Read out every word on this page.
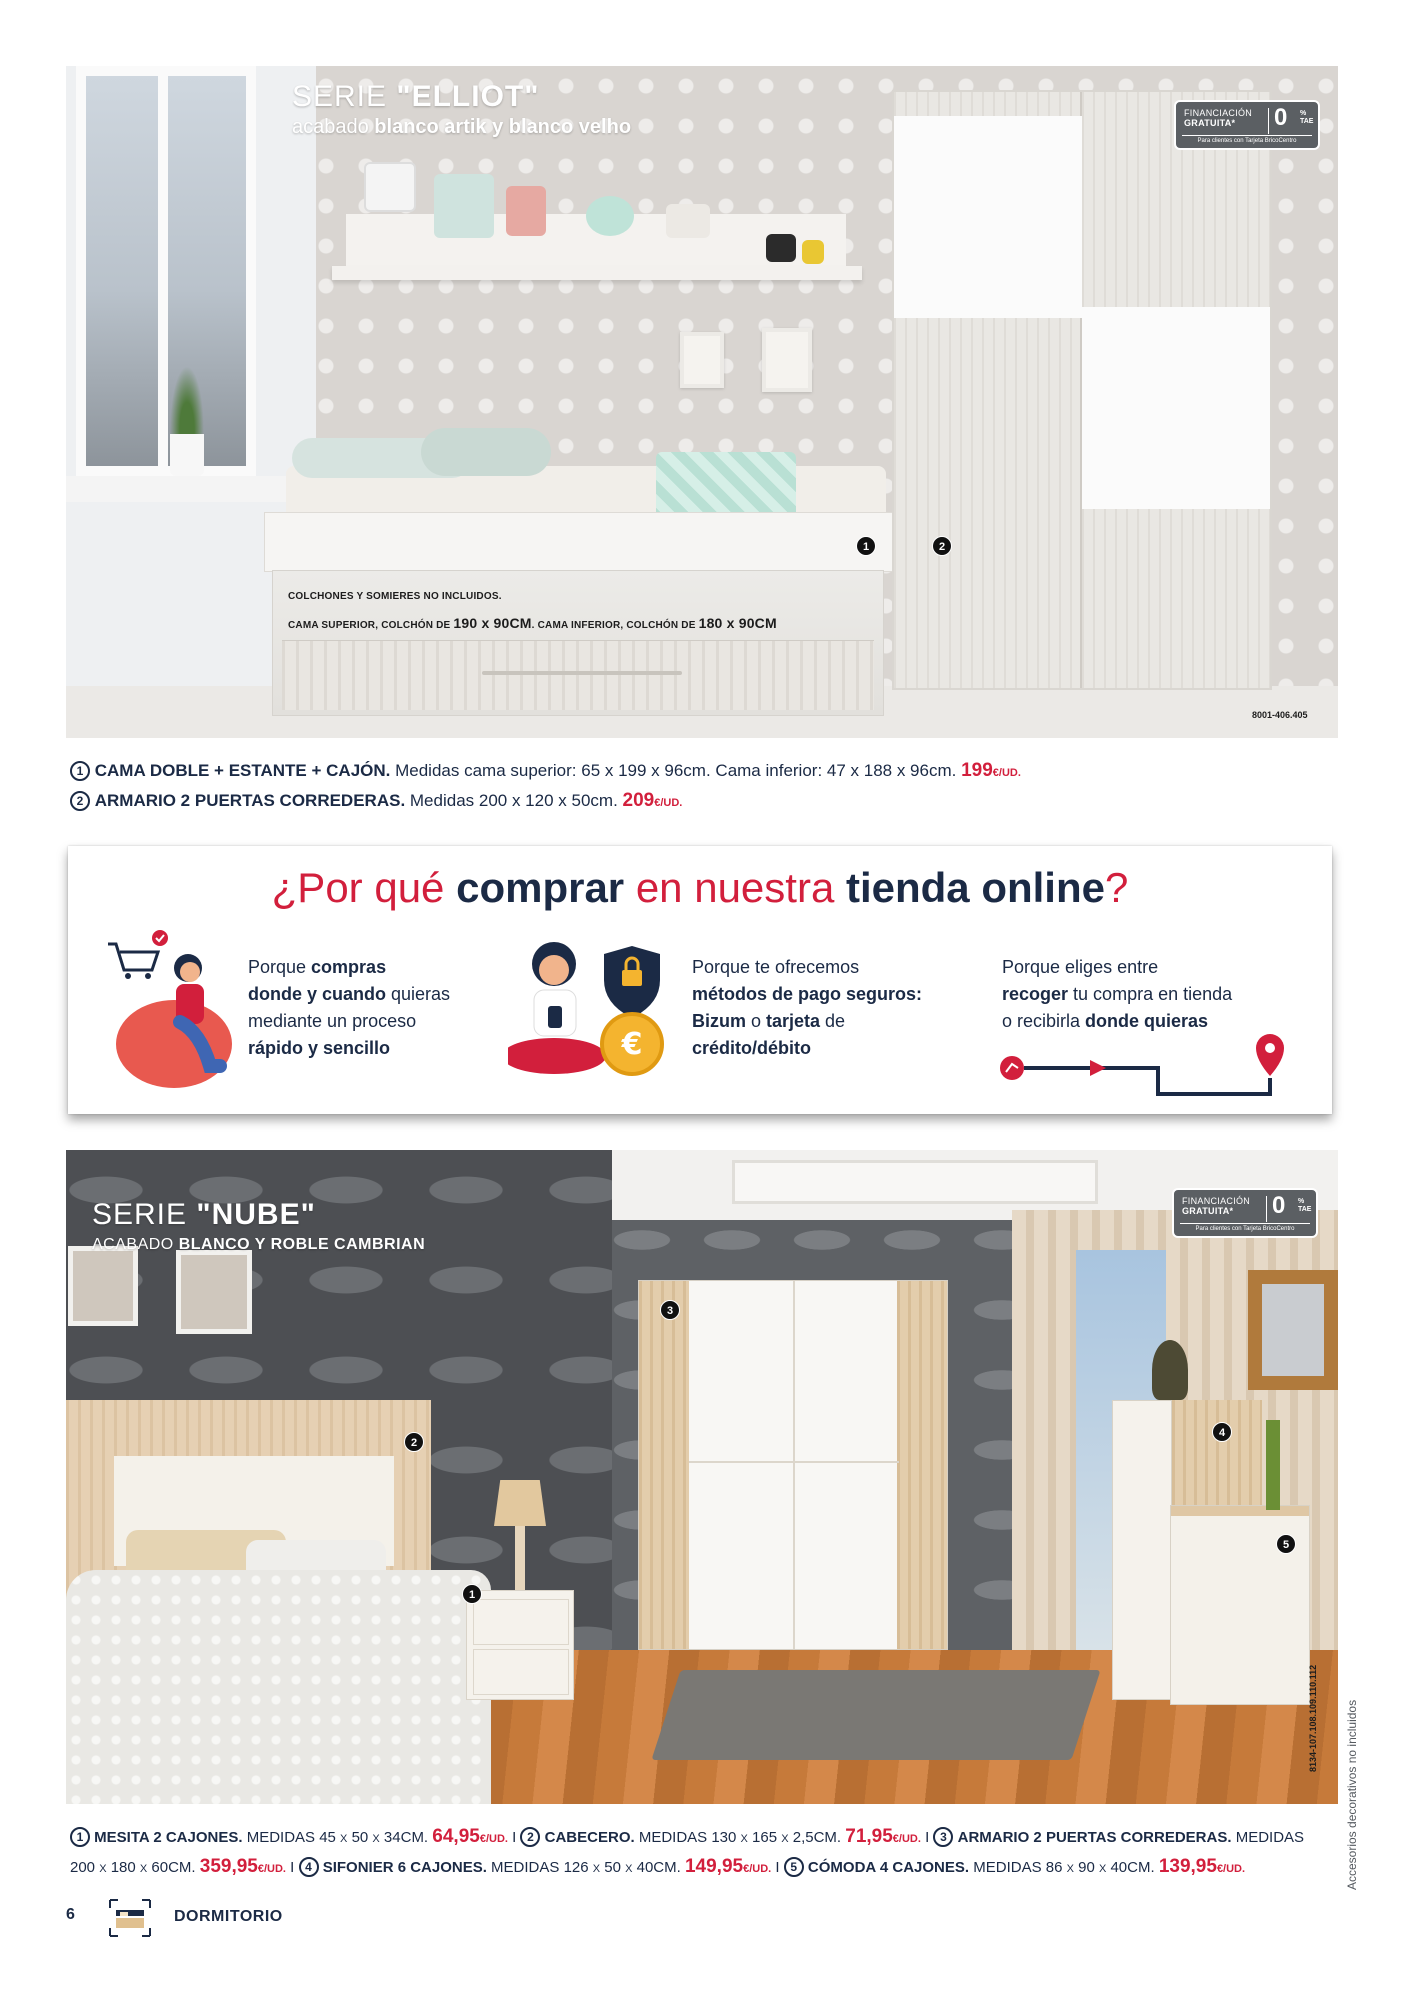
SERIE "ELLIOT"
acabado blanco artik y blanco velho
FINANCIACIÓN
GRATUITA*	0 %
TAE
Para clientes con Tarjeta BricoCentro
1	2
COLCHONES Y SOMIERES NO INCLUIDOS.
CAMA SUPERIOR, COLCHÓN DE 190 x 90CM. CAMA INFERIOR, COLCHÓN DE 180 x 90CM
8001-406.405
1 CAMA DOBLE + ESTANTE + CAJÓN. Medidas cama superior: 65 x 199 x 96cm. Cama inferior: 47 x 188 x 96cm. 199€/UD.
2 ARMARIO 2 PUERTAS CORREDERAS. Medidas 200 x 120 x 50cm. 209€/UD.
¿Por qué comprar en nuestra tienda online?
Porque compras
donde y cuando quieras
mediante un proceso
rápido y sencillo	€
Porque te ofrecemos
métodos de pago seguros:
Bizum o tarjeta de
crédito/débito
Porque eliges entre
recoger tu compra en tienda
o recibirla donde quieras
SERIE "NUBE"
ACABADO BLANCO Y ROBLE CAMBRIAN
FINANCIACIÓN
GRATUITA*	0 %
TAE
Para clientes con Tarjeta BricoCentro
1
2
3
4
5
8134-107.108.109.110.112
1 MESITA 2 CAJONES. MEDIDAS 45 x 50 x 34CM. 64,95€/UD. I 2 CABECERO. MEDIDAS 130 x 165 x 2,5CM. 71,95€/UD. I 3 ARMARIO 2 PUERTAS CORREDERAS. MEDIDAS
200 x 180 x 60CM. 359,95€/UD. I 4 SIFONIER 6 CAJONES. MEDIDAS 126 x 50 x 40CM. 149,95€/UD. I 5 CÓMODA 4 CAJONES. MEDIDAS 86 x 90 x 40CM. 139,95€/UD.	Accesorios decorativos no incluidos
6	DORMITORIO
